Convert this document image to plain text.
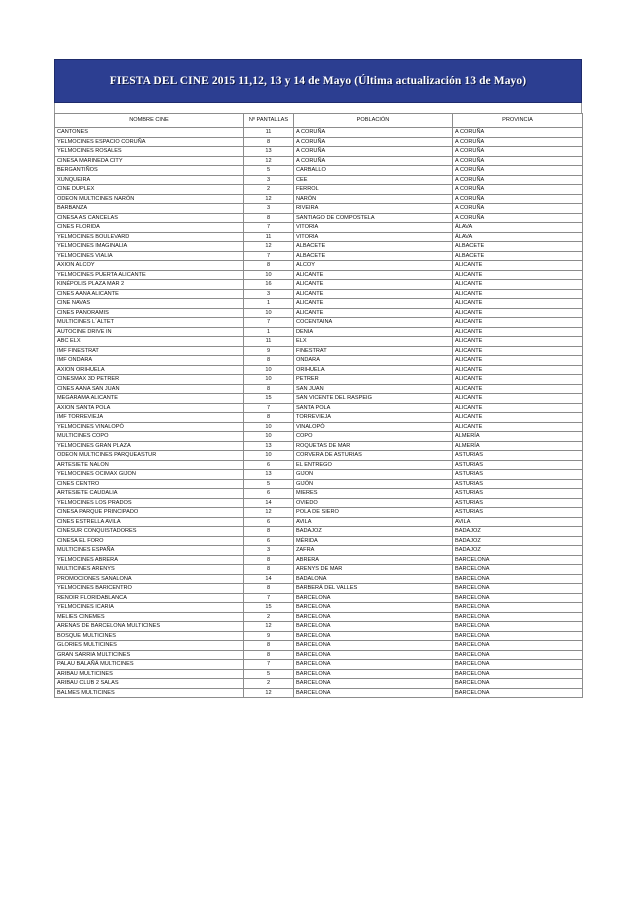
FIESTA DEL CINE 2015 11,12, 13 y 14 de Mayo (Última actualización 13 de Mayo)
NOMBRE CINE	Nº PANTALLAS	POBLACIÓN	PROVINCIA
CANTONES	11	A CORUÑA	A CORUÑA
YELMOCINES ESPACIO CORUÑA	8	A CORUÑA	A CORUÑA
YELMOCINES ROSALES	13	A CORUÑA	A CORUÑA
CINESA MARINEDA CITY	12	A CORUÑA	A CORUÑA
BERGANTIÑOS	5	CARBALLO	A CORUÑA
XUNQUEIRA	3	CEE	A CORUÑA
CINE DUPLEX	2	FERROL	A CORUÑA
ODEON MULTICINES NARÓN	12	NARÓN	A CORUÑA
BARBANZA	3	RIVEIRA	A CORUÑA
CINESA AS CANCELAS	8	SANTIAGO DE COMPOSTELA	A CORUÑA
CINES FLORIDA	7	VITORIA	ÁLAVA
YELMOCINES BOULEVARD	11	VITORIA	ÁLAVA
YELMOCINES IMAGINALIA	12	ALBACETE	ALBACETE
YELMOCINES VIALIA	7	ALBACETE	ALBACETE
AXION ALCOY	8	ALCOY	ALICANTE
YELMOCINES PUERTA ALICANTE	10	ALICANTE	ALICANTE
KINÉPOLIS PLAZA MAR 2	16	ALICANTE	ALICANTE
CINES AANA ALICANTE	3	ALICANTE	ALICANTE
CINE NAVAS	1	ALICANTE	ALICANTE
CINES PANORAMIS	10	ALICANTE	ALICANTE
MULTICINES L´ALTET	7	COCENTAINA	ALICANTE
AUTOCINE DRIVE IN	1	DENIA	ALICANTE
ABC ELX	11	ELX	ALICANTE
IMF FINESTRAT	9	FINESTRAT	ALICANTE
IMF ONDARA	8	ONDARA	ALICANTE
AXION ORIHUELA	10	ORIHUELA	ALICANTE
CINESMAX 3D PETRER	10	PETRER	ALICANTE
CINES AANA SAN JUAN	8	SAN JUAN	ALICANTE
MEGARAMA ALICANTE	15	SAN VICENTE DEL RASPEIG	ALICANTE
AXION SANTA POLA	7	SANTA POLA	ALICANTE
IMF TORREVIEJA	8	TORREVIEJA	ALICANTE
YELMOCINES VINALOPÓ	10	VINALOPÓ	ALICANTE
MULTICINES COPO	10	COPO	ALMERÍA
YELMOCINES GRAN PLAZA	13	ROQUETAS DE MAR	ALMERÍA
ODEON MULTICINES PARQUEASTUR	10	CORVERA DE ASTURIAS	ASTURIAS
ARTESIETE NALON	6	EL ENTREGO	ASTURIAS
YELMOCINES OCIMAX GIJON	13	GIJON	ASTURIAS
CINES CENTRO	5	GIJÓN	ASTURIAS
ARTESIETE CAUDALIA	6	MIERES	ASTURIAS
YELMOCINES LOS PRADOS	14	OVIEDO	ASTURIAS
CINESA PARQUE PRINCIPADO	12	POLA DE SIERO	ASTURIAS
CINES ESTRELLA AVILA	6	AVILA	AVILA
CINESUR CONQUISTADORES	8	BADAJOZ	BADAJOZ
CINESA EL FORO	6	MÉRIDA	BADAJOZ
MULTICINES ESPAÑA	3	ZAFRA	BADAJOZ
YELMOCINES ABRERA	8	ABRERA	BARCELONA
MULTICINES ARENYS	8	ARENYS DE MAR	BARCELONA
PROMOCIONES SANALONA	14	BADALONA	BARCELONA
YELMOCINES BARICENTRO	8	BARBERÁ DEL VALLES	BARCELONA
RENOIR FLORIDABLANCA	7	BARCELONA	BARCELONA
YELMOCINES ICARIA	15	BARCELONA	BARCELONA
MELIES CINEMES	2	BARCELONA	BARCELONA
ARENAS DE BARCELONA MULTICINES	12	BARCELONA	BARCELONA
BOSQUE MULTICINES	9	BARCELONA	BARCELONA
GLORIES MULTICINES	8	BARCELONA	BARCELONA
GRAN SARRIA MULTICINES	8	BARCELONA	BARCELONA
PALAU BALAÑÁ MULTICINES	7	BARCELONA	BARCELONA
ARIBAU MULTICINES	5	BARCELONA	BARCELONA
ARIBAU CLUB 2 SALAS	2	BARCELONA	BARCELONA
BALMES MULTICINES	12	BARCELONA	BARCELONA
